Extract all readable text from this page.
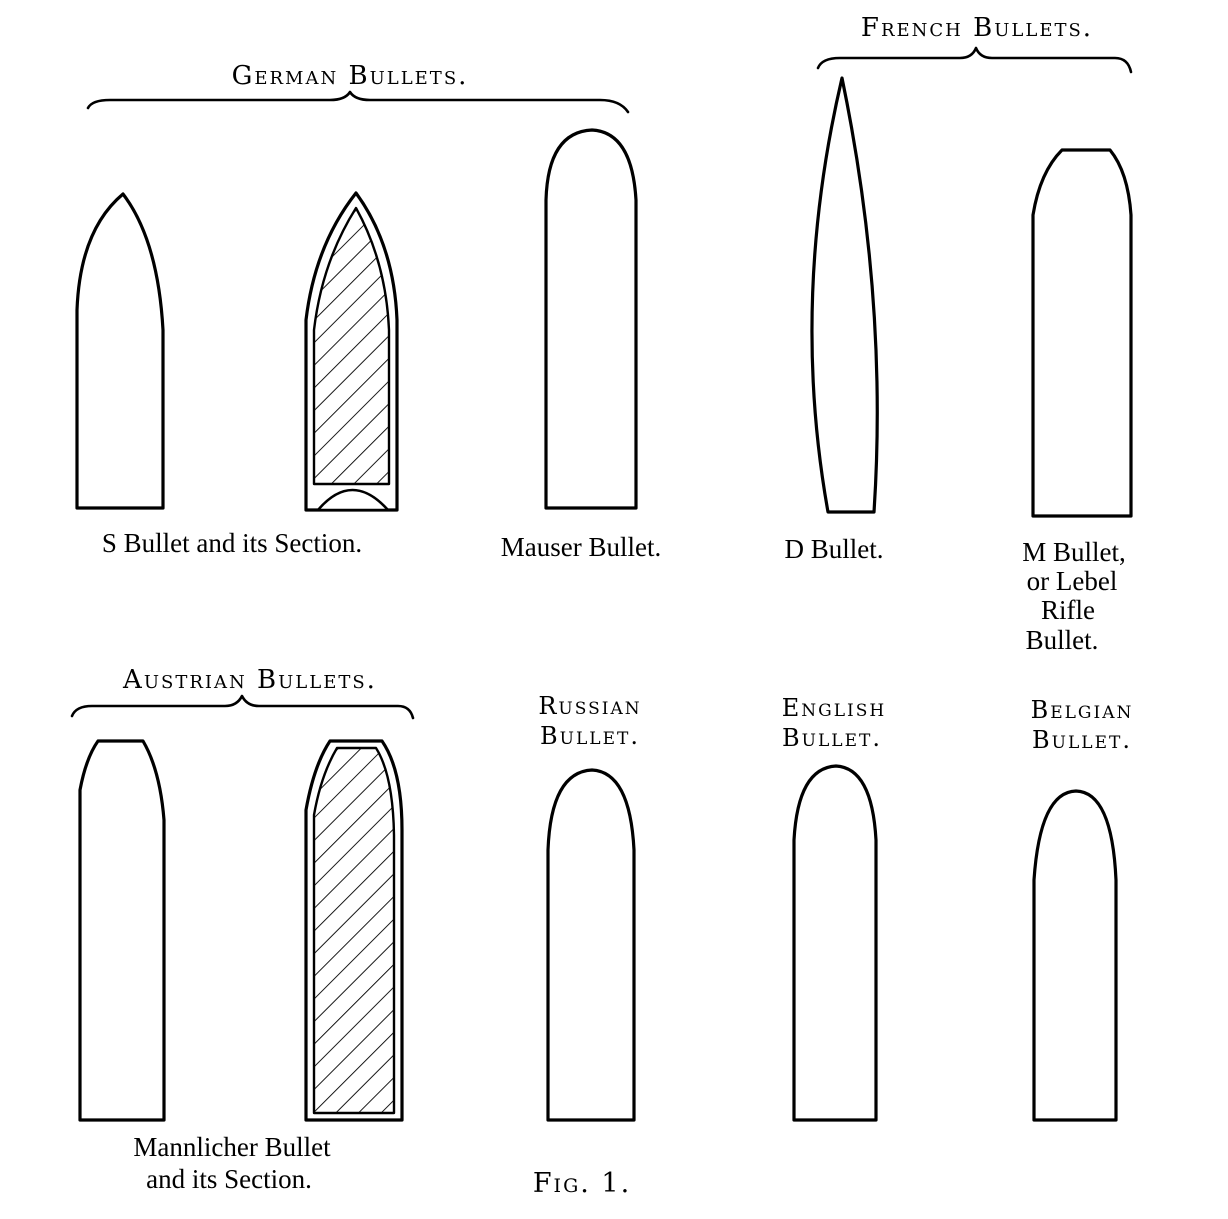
German Bullets.
French Bullets.
Austrian Bullets.
S Bullet and its Section.	Mauser Bullet.	D Bullet.	M Bullet,
or Lebel
Rifle
Bullet.
Russian
Bullet.
English
Bullet.
Belgian
Bullet.
Mannlicher Bullet
and its Section.	Fig. 1.
